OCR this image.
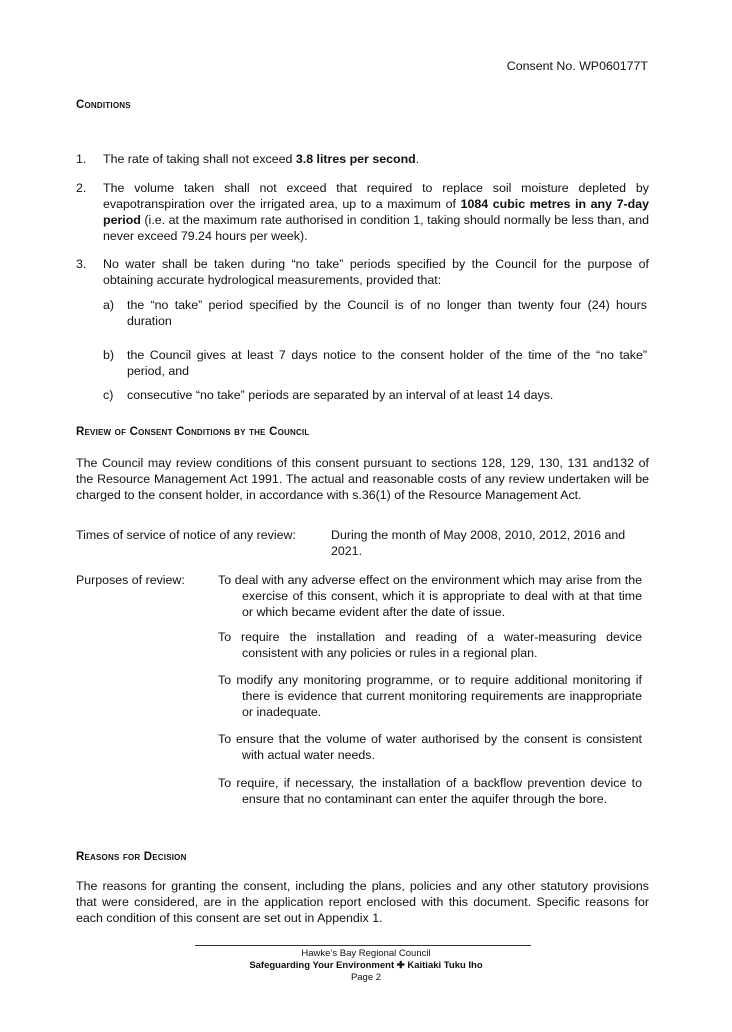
Consent No. WP060177T
Conditions
1. The rate of taking shall not exceed 3.8 litres per second.
2. The volume taken shall not exceed that required to replace soil moisture depleted by evapotranspiration over the irrigated area, up to a maximum of 1084 cubic metres in any 7-day period (i.e. at the maximum rate authorised in condition 1, taking should normally be less than, and never exceed 79.24 hours per week).
3. No water shall be taken during “no take” periods specified by the Council for the purpose of obtaining accurate hydrological measurements, provided that:
a) the “no take” period specified by the Council is of no longer than twenty four (24) hours duration
b) the Council gives at least 7 days notice to the consent holder of the time of the “no take” period, and
c) consecutive “no take” periods are separated by an interval of at least 14 days.
Review of Consent Conditions by the Council
The Council may review conditions of this consent pursuant to sections 128, 129, 130, 131 and132 of the Resource Management Act 1991. The actual and reasonable costs of any review undertaken will be charged to the consent holder, in accordance with s.36(1) of the Resource Management Act.
Times of service of notice of any review:	During the month of May 2008, 2010, 2012, 2016 and 2021.
Purposes of review:	To deal with any adverse effect on the environment which may arise from the exercise of this consent, which it is appropriate to deal with at that time or which became evident after the date of issue.
To require the installation and reading of a water-measuring device consistent with any policies or rules in a regional plan.
To modify any monitoring programme, or to require additional monitoring if there is evidence that current monitoring requirements are inappropriate or inadequate.
To ensure that the volume of water authorised by the consent is consistent with actual water needs.
To require, if necessary, the installation of a backflow prevention device to ensure that no contaminant can enter the aquifer through the bore.
Reasons for Decision
The reasons for granting the consent, including the plans, policies and any other statutory provisions that were considered, are in the application report enclosed with this document. Specific reasons for each condition of this consent are set out in Appendix 1.
Hawke’s Bay Regional Council
Safeguarding Your Environment ✚ Kaitiaki Tuku Iho
Page 2
